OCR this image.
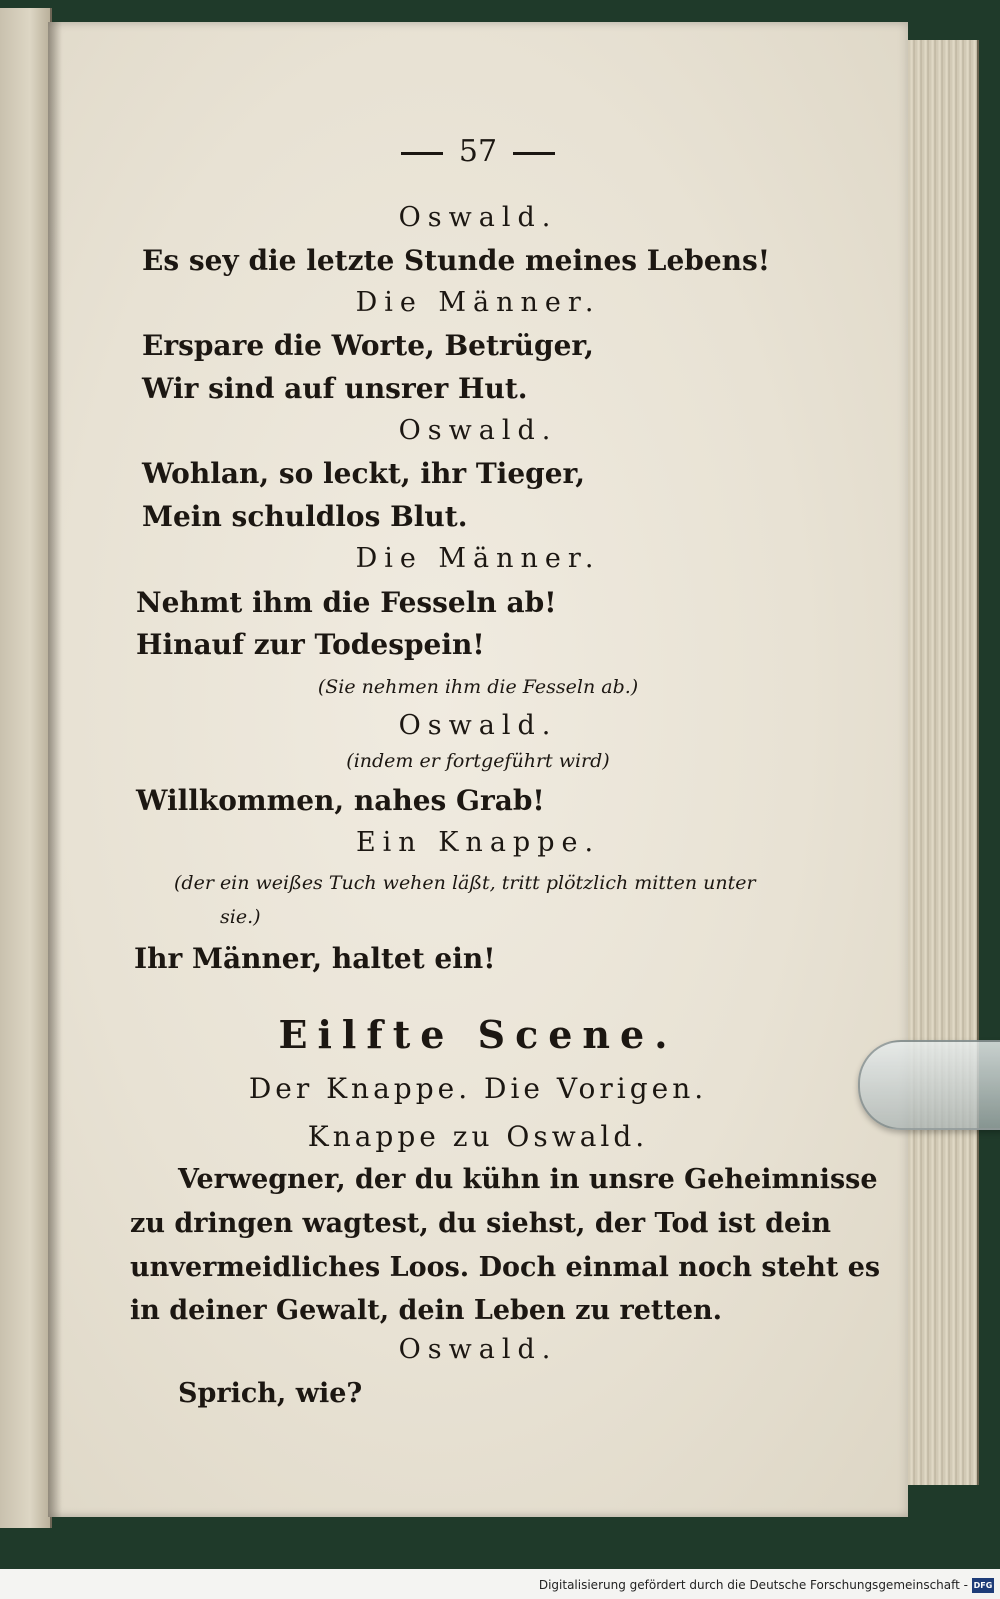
57
Oswald.
Es sey die letzte Stunde meines Lebens!
Die Männer.
Erspare die Worte, Betrüger,
Wir sind auf unsrer Hut.
Oswald.
Wohlan, so leckt, ihr Tieger,
Mein schuldlos Blut.
Die Männer.
Nehmt ihm die Fesseln ab!
Hinauf zur Todespein!
(Sie nehmen ihm die Fesseln ab.)
Oswald.
(indem er fortgeführt wird)
Willkommen, nahes Grab!
Ein Knappe.
(der ein weißes Tuch wehen läßt, tritt plötzlich mitten unter
sie.)
Ihr Männer, haltet ein!
Eilfte Scene.
Der Knappe. Die Vorigen.
Knappe zu Oswald.
Verwegner, der du kühn in unsre Geheimnisse
zu dringen wagtest, du siehst, der Tod ist dein
unvermeidliches Loos. Doch einmal noch steht es
in deiner Gewalt, dein Leben zu retten.
Oswald.
Sprich, wie?
Digitalisierung gefördert durch die Deutsche Forschungsgemeinschaft - DFG
